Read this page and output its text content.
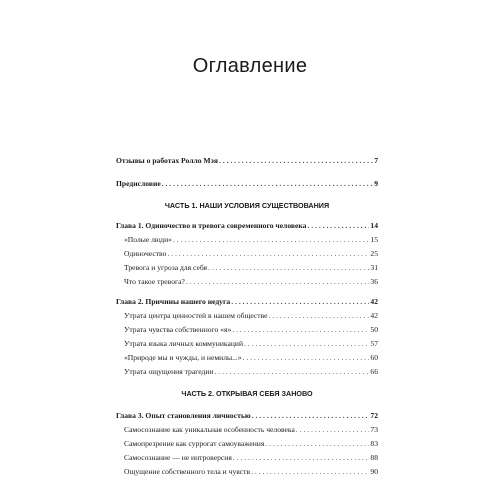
Оглавление
Отзывы о работах Ролло Мэя . . .	7
Предисловие . . .	9
ЧАСТЬ 1. НАШИ УСЛОВИЯ СУЩЕСТВОВАНИЯ
Глава 1. Одиночество и тревога современного человека . . .	14
«Полые люди» . . .	15
Одиночество . . .	25
Тревога и угроза для себя . . .	31
Что такое тревога? . . .	36
Глава 2. Причины нашего недуга . . .	42
Утрата центра ценностей в нашем обществе . . .	42
Утрата чувства собственного «я» . . .	50
Утрата языка личных коммуникаций . . .	57
«Природе мы и чужды, и немилы...» . . .	60
Утрата ощущения трагедии . . .	66
ЧАСТЬ 2. ОТКРЫВАЯ СЕБЯ ЗАНОВО
Глава 3. Опыт становления личностью . . .	72
Самосознание как уникальная особенность человека . . .	73
Самопрезрение как суррогат самоуважения . . .	83
Самосознание — не интроверсия . . .	88
Ощущение собственного тела и чувств . . .	90
